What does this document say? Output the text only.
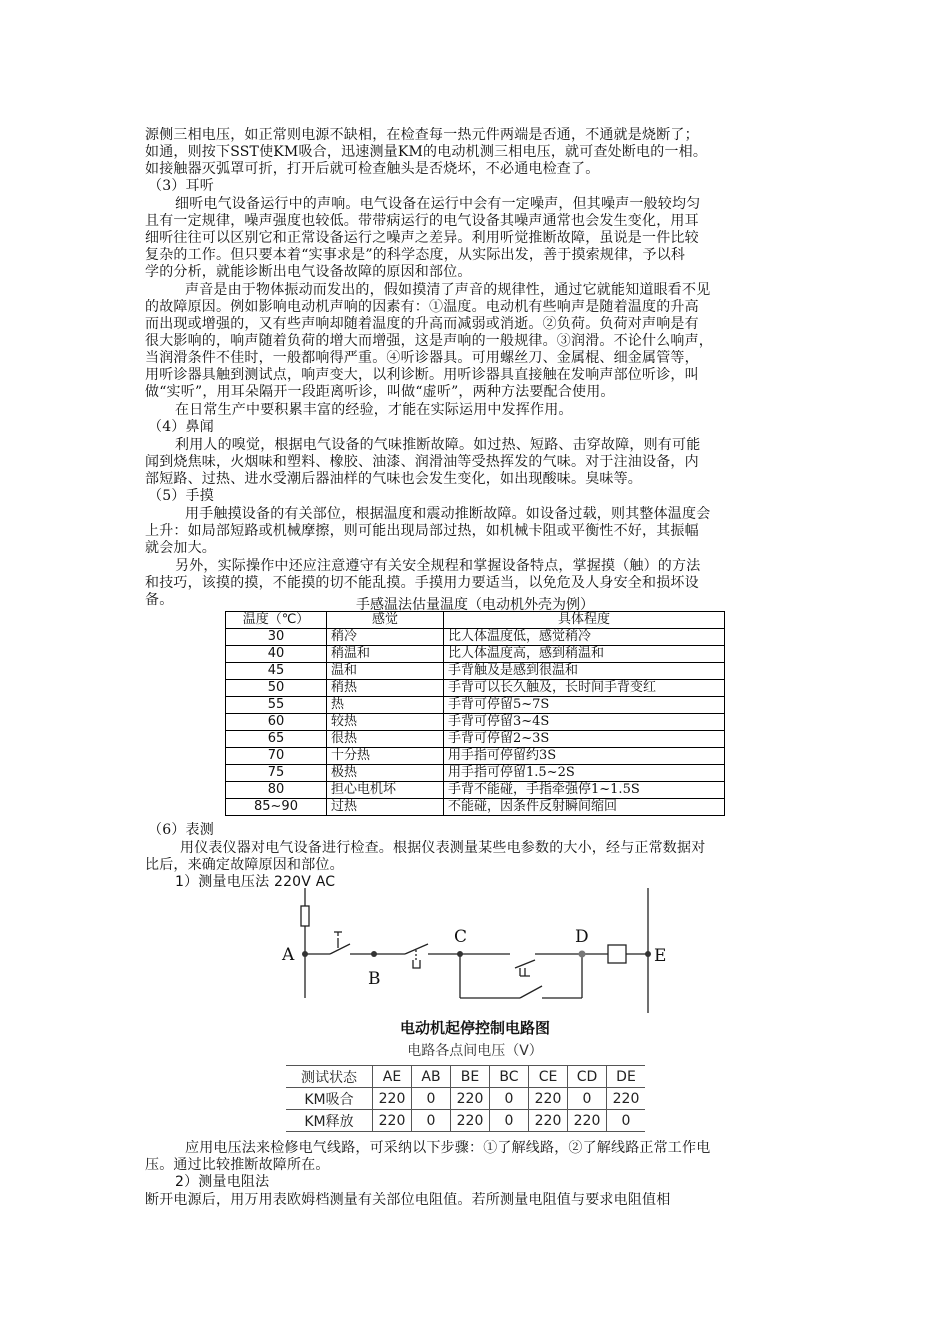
源侧三相电压，如正常则电源不缺相，在检查每一热元件两端是否通，不通就是烧断了；
如通，则按下SST使KM吸合，迅速测量KM的电动机测三相电压，就可查处断电的一相。
如接触器灭弧罩可折，打开后就可检查触头是否烧坏，不必通电检查了。
（3）耳听
细听电气设备运行中的声响。电气设备在运行中会有一定噪声，但其噪声一般较均匀
且有一定规律，噪声强度也较低。带带病运行的电气设备其噪声通常也会发生变化，用耳
细听往往可以区别它和正常设备运行之噪声之差异。利用听觉推断故障，虽说是一件比较
复杂的工作。但只要本着“实事求是”的科学态度，从实际出发，善于摸索规律，予以科
学的分析，就能诊断出电气设备故障的原因和部位。
声音是由于物体振动而发出的，假如摸清了声音的规律性，通过它就能知道眼看不见
的故障原因。例如影响电动机声响的因素有：①温度。电动机有些响声是随着温度的升高
而出现或增强的，又有些声响却随着温度的升高而减弱或消逝。②负荷。负荷对声响是有
很大影响的，响声随着负荷的增大而增强，这是声响的一般规律。③润滑。不论什么响声，
当润滑条件不佳时，一般都响得严重。④听诊器具。可用螺丝刀、金属棍、细金属管等，
用听诊器具触到测试点，响声变大，以利诊断。用听诊器具直接触在发响声部位听诊，叫
做“实听”，用耳朵隔开一段距离听诊，叫做“虚听”，两种方法要配合使用。
在日常生产中要积累丰富的经验，才能在实际运用中发挥作用。
（4）鼻闻
利用人的嗅觉，根据电气设备的气味推断故障。如过热、短路、击穿故障，则有可能
闻到烧焦味，火烟味和塑料、橡胶、油漆、润滑油等受热挥发的气味。对于注油设备，内
部短路、过热、进水受潮后器油样的气味也会发生变化，如出现酸味。臭味等。
（5）手摸
用手触摸设备的有关部位，根据温度和震动推断故障。如设备过载，则其整体温度会
上升：如局部短路或机械摩擦，则可能出现局部过热，如机械卡阻或平衡性不好，其振幅
就会加大。
另外，实际操作中还应注意遵守有关安全规程和掌握设备特点，掌握摸（触）的方法
和技巧，该摸的摸，不能摸的切不能乱摸。手摸用力要适当，以免危及人身安全和损坏设
备。	手感温法估量温度（电动机外壳为例）
温度（℃）	感觉	具体程度
30	稍冷	比人体温度低，感觉稍冷
40	稍温和	比人体温度高，感到稍温和
45	温和	手背触及是感到很温和
50	稍热	手背可以长久触及，长时间手背变红
55	热	手背可停留5~7S
60	较热	手背可停留3~4S
65	很热	手背可停留2~3S
70	十分热	用手指可停留约3S
75	极热	用手指可停留1.5~2S
80	担心电机坏	手背不能碰，手指牵强停1~1.5S
85~90	过热	不能碰，因条件反射瞬间缩回
（6）表测
用仪表仪器对电气设备进行检查。根据仪表测量某些电参数的大小，经与正常数据对
比后，来确定故障原因和部位。
1）测量电压法 220V AC
A
B
C	D
E
电动机起停控制电路图
电路各点间电压（V）
测试状态	AE	AB	BE	BC	CE	CD	DE
KM吸合	220	0	220	0	220	0	220
KM释放	220	0	220	0	220	220	0
应用电压法来检修电气线路，可采纳以下步骤：①了解线路，②了解线路正常工作电
压。通过比较推断故障所在。
2）测量电阻法
断开电源后，用万用表欧姆档测量有关部位电阻值。若所测量电阻值与要求电阻值相
